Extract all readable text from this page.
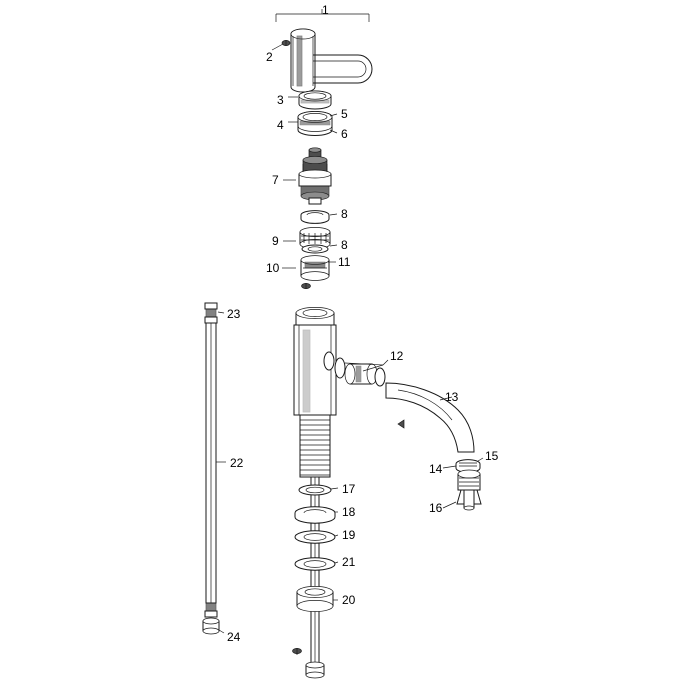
1
2
3
4
5
6
7
8
9	8
10	11
12
13
14
15
16
17
18
19
20
21
22
23
24
